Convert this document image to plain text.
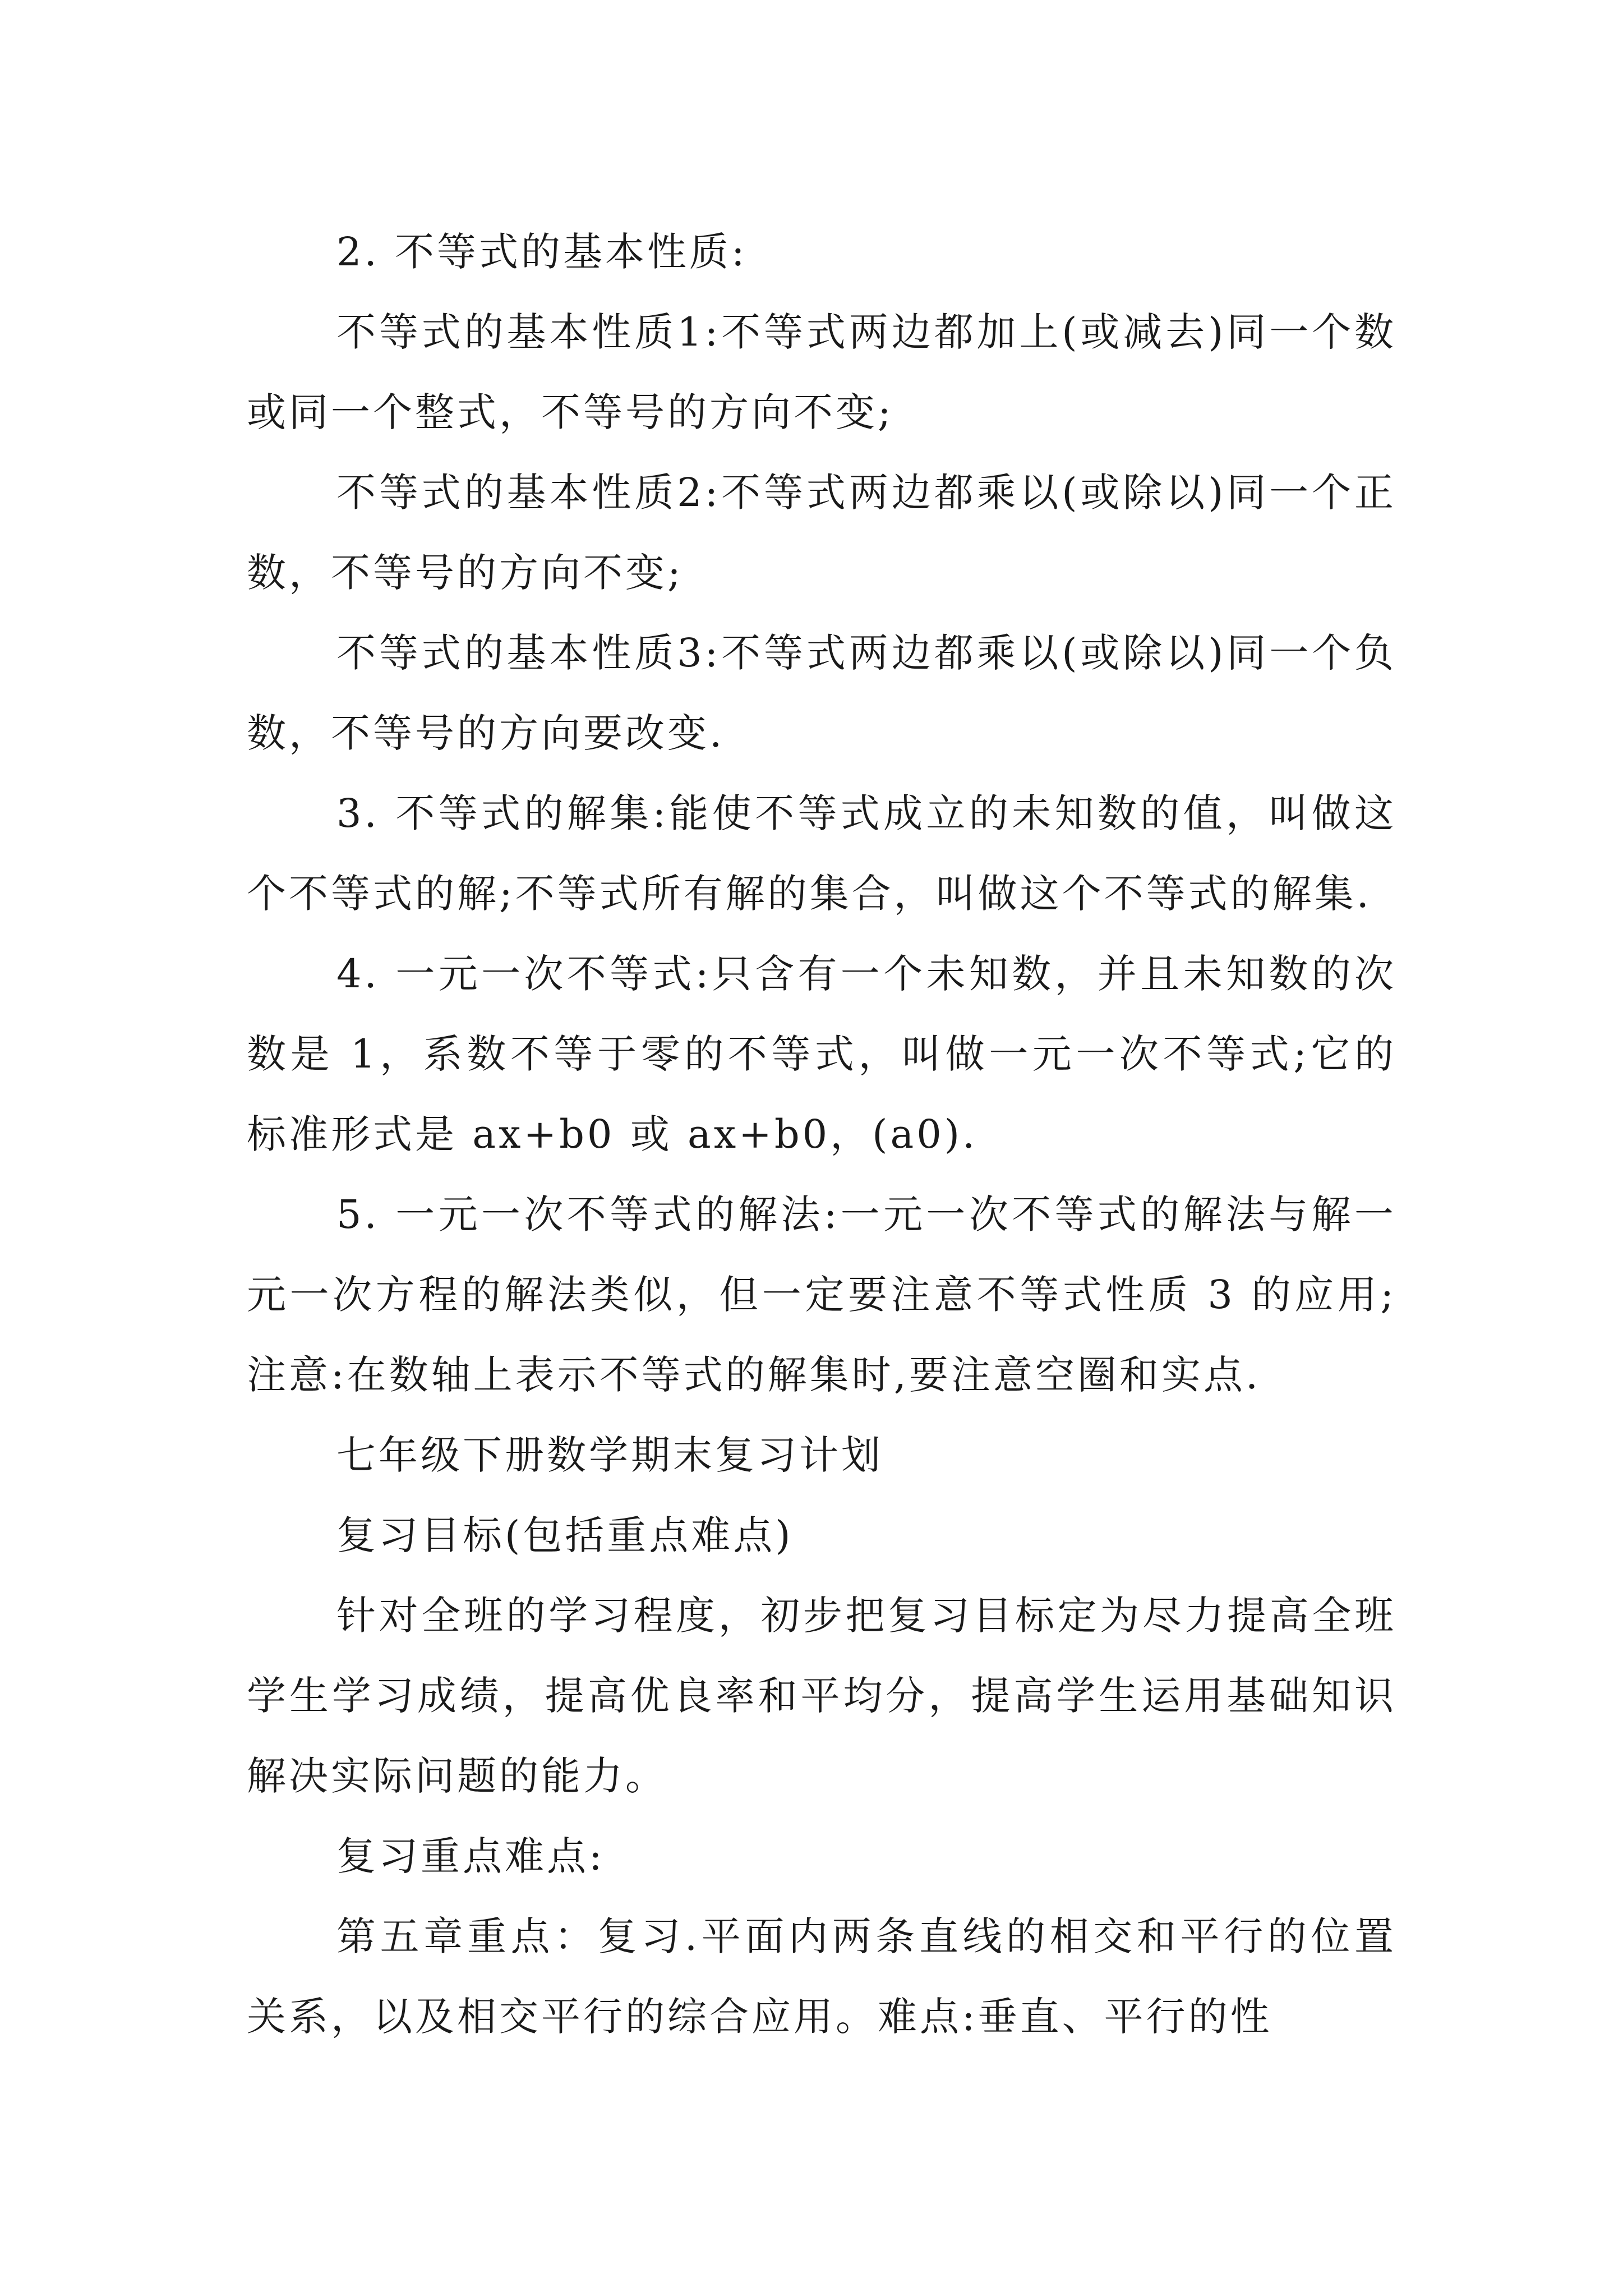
2. 不等式的基本性质:

不等式的基本性质1:不等式两边都加上(或减去)同一个数或同一个整式，不等号的方向不变;

不等式的基本性质2:不等式两边都乘以(或除以)同一个正数，不等号的方向不变;

不等式的基本性质3:不等式两边都乘以(或除以)同一个负数，不等号的方向要改变.

3. 不等式的解集:能使不等式成立的未知数的值，叫做这个不等式的解;不等式所有解的集合，叫做这个不等式的解集.

4. 一元一次不等式:只含有一个未知数，并且未知数的次数是 1，系数不等于零的不等式，叫做一元一次不等式;它的标准形式是 ax+b0 或 ax+b0，(a0).

5. 一元一次不等式的解法:一元一次不等式的解法与解一元一次方程的解法类似，但一定要注意不等式性质 3 的应用;注意:在数轴上表示不等式的解集时,要注意空圈和实点.

七年级下册数学期末复习计划

复习目标(包括重点难点)

针对全班的学习程度，初步把复习目标定为尽力提高全班学生学习成绩，提高优良率和平均分，提高学生运用基础知识解决实际问题的能力。

复习重点难点:

第五章重点：复习.平面内两条直线的相交和平行的位置关系，以及相交平行的综合应用。难点:垂直、平行的性
